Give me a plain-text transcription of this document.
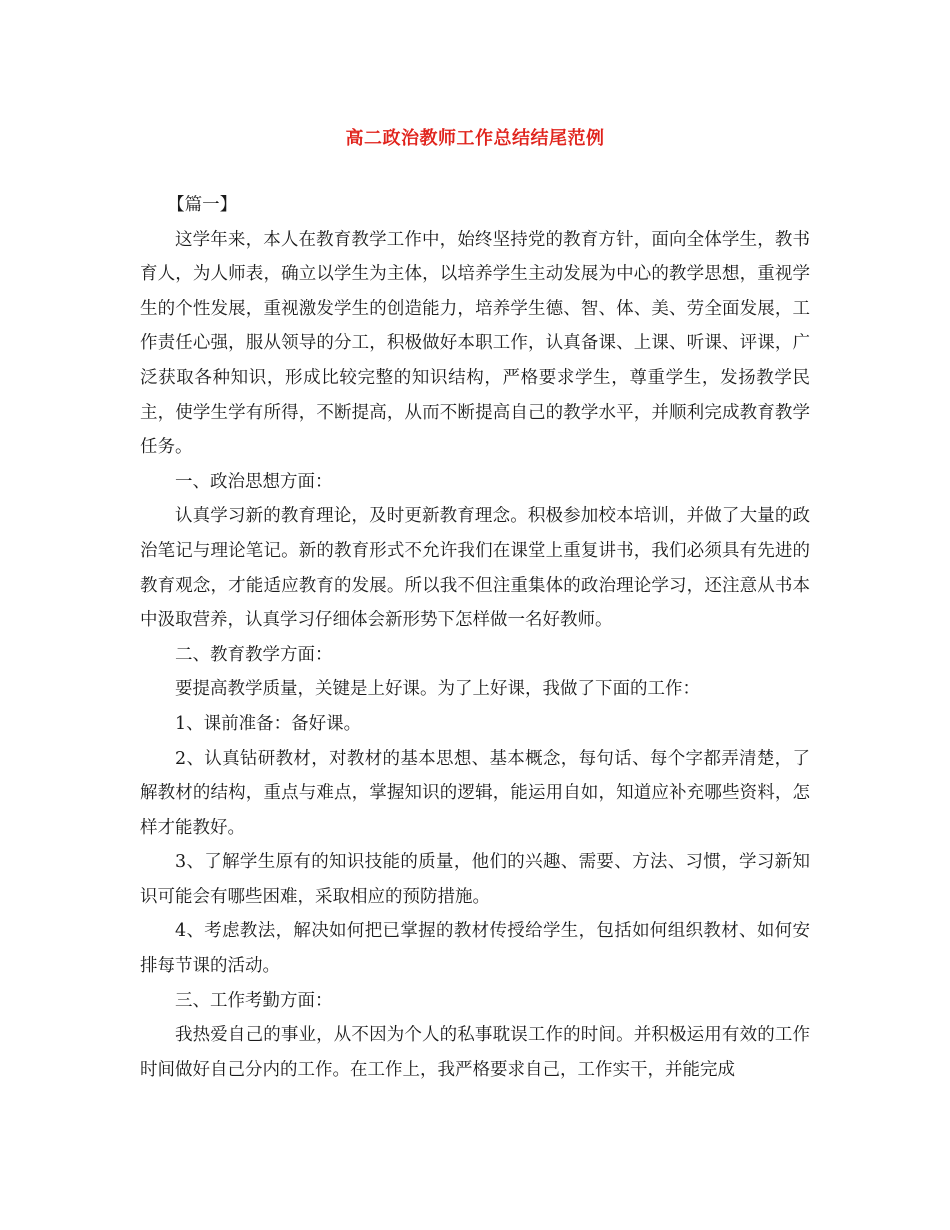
高二政治教师工作总结结尾范例

【篇一】

这学年来，本人在教育教学工作中，始终坚持党的教育方针，面向全体学生，教书育人，为人师表，确立以学生为主体，以培养学生主动发展为中心的教学思想，重视学生的个性发展，重视激发学生的创造能力，培养学生德、智、体、美、劳全面发展，工作责任心强，服从领导的分工，积极做好本职工作，认真备课、上课、听课、评课，广泛获取各种知识，形成比较完整的知识结构，严格要求学生，尊重学生，发扬教学民主，使学生学有所得，不断提高，从而不断提高自己的教学水平，并顺利完成教育教学任务。

一、政治思想方面：

认真学习新的教育理论，及时更新教育理念。积极参加校本培训，并做了大量的政治笔记与理论笔记。新的教育形式不允许我们在课堂上重复讲书，我们必须具有先进的教育观念，才能适应教育的发展。所以我不但注重集体的政治理论学习，还注意从书本中汲取营养，认真学习仔细体会新形势下怎样做一名好教师。

二、教育教学方面：

要提高教学质量，关键是上好课。为了上好课，我做了下面的工作：

1、课前准备：备好课。

2、认真钻研教材，对教材的基本思想、基本概念，每句话、每个字都弄清楚，了解教材的结构，重点与难点，掌握知识的逻辑，能运用自如，知道应补充哪些资料，怎样才能教好。

3、了解学生原有的知识技能的质量，他们的兴趣、需要、方法、习惯，学习新知识可能会有哪些困难，采取相应的预防措施。

4、考虑教法，解决如何把已掌握的教材传授给学生，包括如何组织教材、如何安排每节课的活动。

三、工作考勤方面：

我热爱自己的事业，从不因为个人的私事耽误工作的时间。并积极运用有效的工作时间做好自己分内的工作。在工作上，我严格要求自己，工作实干，并能完成
